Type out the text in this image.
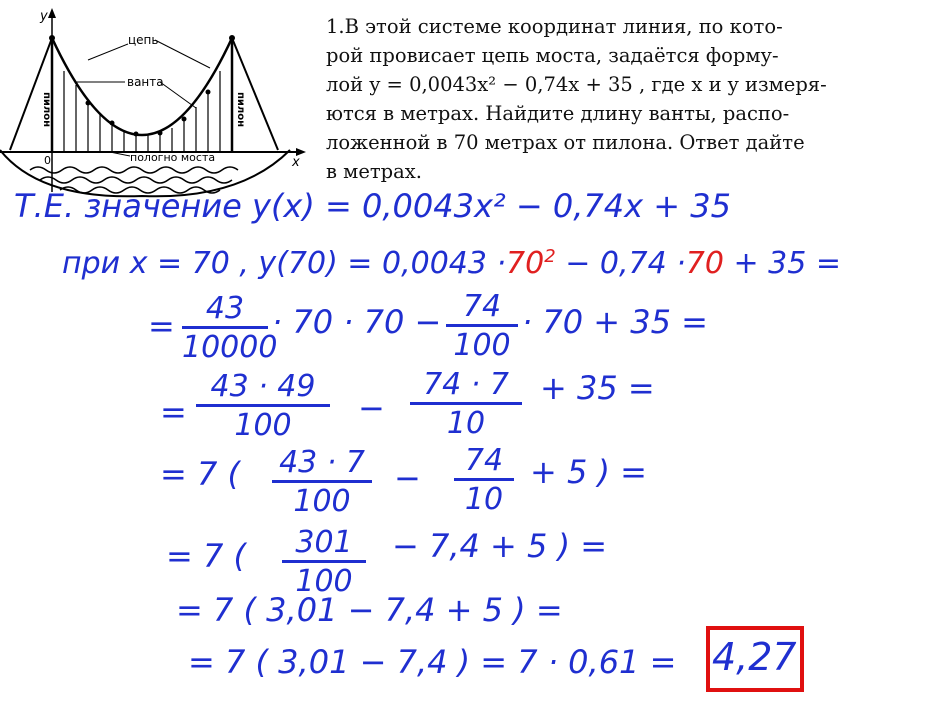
y
x
0
пилон	пилон
цепь
ванта
пологно моста

1.В этой системе координат линия, по кото-

рой провисает цепь моста, задаётся форму-

лой y = 0,0043x² − 0,74x + 35 , где x и y измеря-

ются в метрах. Найдите длину ванты, распо-

ложенной в 70 метрах от пилона. Ответ дайте

в метрах.

Т.Е. значение y(x) = 0,0043x² − 0,74x + 35
при x = 70 , $y(70) = 0,0043 \cdot 70^2 - 0,74 \cdot 70 + 35$ =
=	43
10000
· 70 · 70 − 74
100
· 70 + 35 =
=
43 · 49
100	−
74 · 7
10
+ 35 =
= 7 ( 43 · 7
100
−	74
10
+ 5 ) =
= 7 (	301
100
− 7,4 + 5 ) =
= 7 ( 3,01 − 7,4 + 5 ) =
= 7 ( 3,01 − 7,4 ) = 7 · 0,61 = 4,27
